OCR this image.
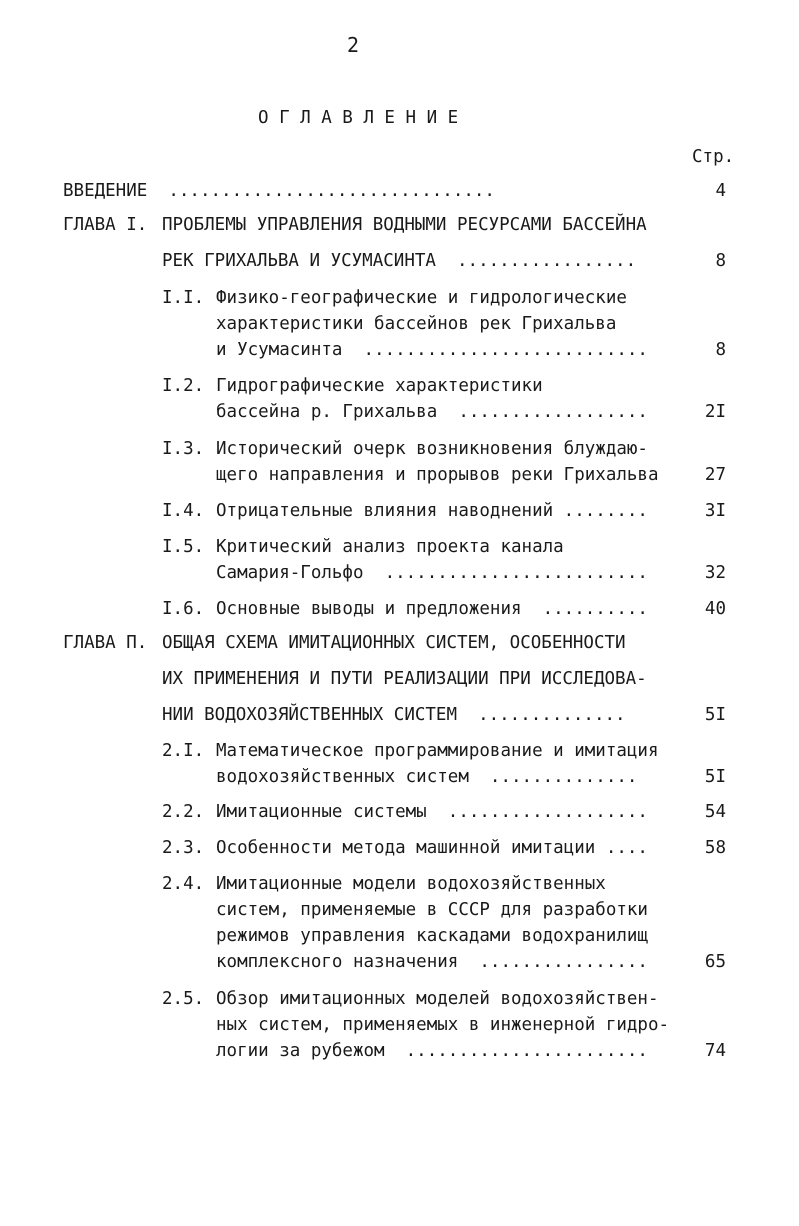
2
О Г Л А В Л Е Н И Е
Стр.
ВВЕДЕНИЕ  ...............................	4
ГЛАВА I. ПРОБЛЕМЫ УПРАВЛЕНИЯ ВОДНЫМИ РЕСУРСАМИ БАССЕЙНА
РЕК ГРИХАЛЬВА И УСУМАСИНТА  .................	8
I.I. Физико-географические и гидрологические
характеристики бассейнов рек Грихальва
и Усумасинта  ...........................	8
I.2. Гидрографические характеристики
бассейна р. Грихальва  ..................	2I
I.3. Исторический очерк возникновения блуждаю-
щего направления и прорывов реки Грихальва	27
I.4. Отрицательные влияния наводнений ........	3I
I.5. Критический анализ проекта канала
Самария-Гольфо  .........................	32
I.6. Основные выводы и предложения  ..........	40
ГЛАВА П. ОБЩАЯ СХЕМА ИМИТАЦИОННЫХ СИСТЕМ, ОСОБЕННОСТИ
ИХ ПРИМЕНЕНИЯ И ПУТИ РЕАЛИЗАЦИИ ПРИ ИССЛЕДОВА-
НИИ ВОДОХОЗЯЙСТВЕННЫХ СИСТЕМ  ..............	5I
2.I. Математическое программирование и имитация
водохозяйственных систем  ..............	5I
2.2. Имитационные системы  ...................	54
2.3. Особенности метода машинной имитации ....	58
2.4. Имитационные модели водохозяйственных
систем, применяемые в СССР для разработки
режимов управления каскадами водохранилищ
комплексного назначения  ................	65
2.5. Обзор имитационных моделей водохозяйствен-
ных систем, применяемых в инженерной гидро-
логии за рубежом  .......................	74
